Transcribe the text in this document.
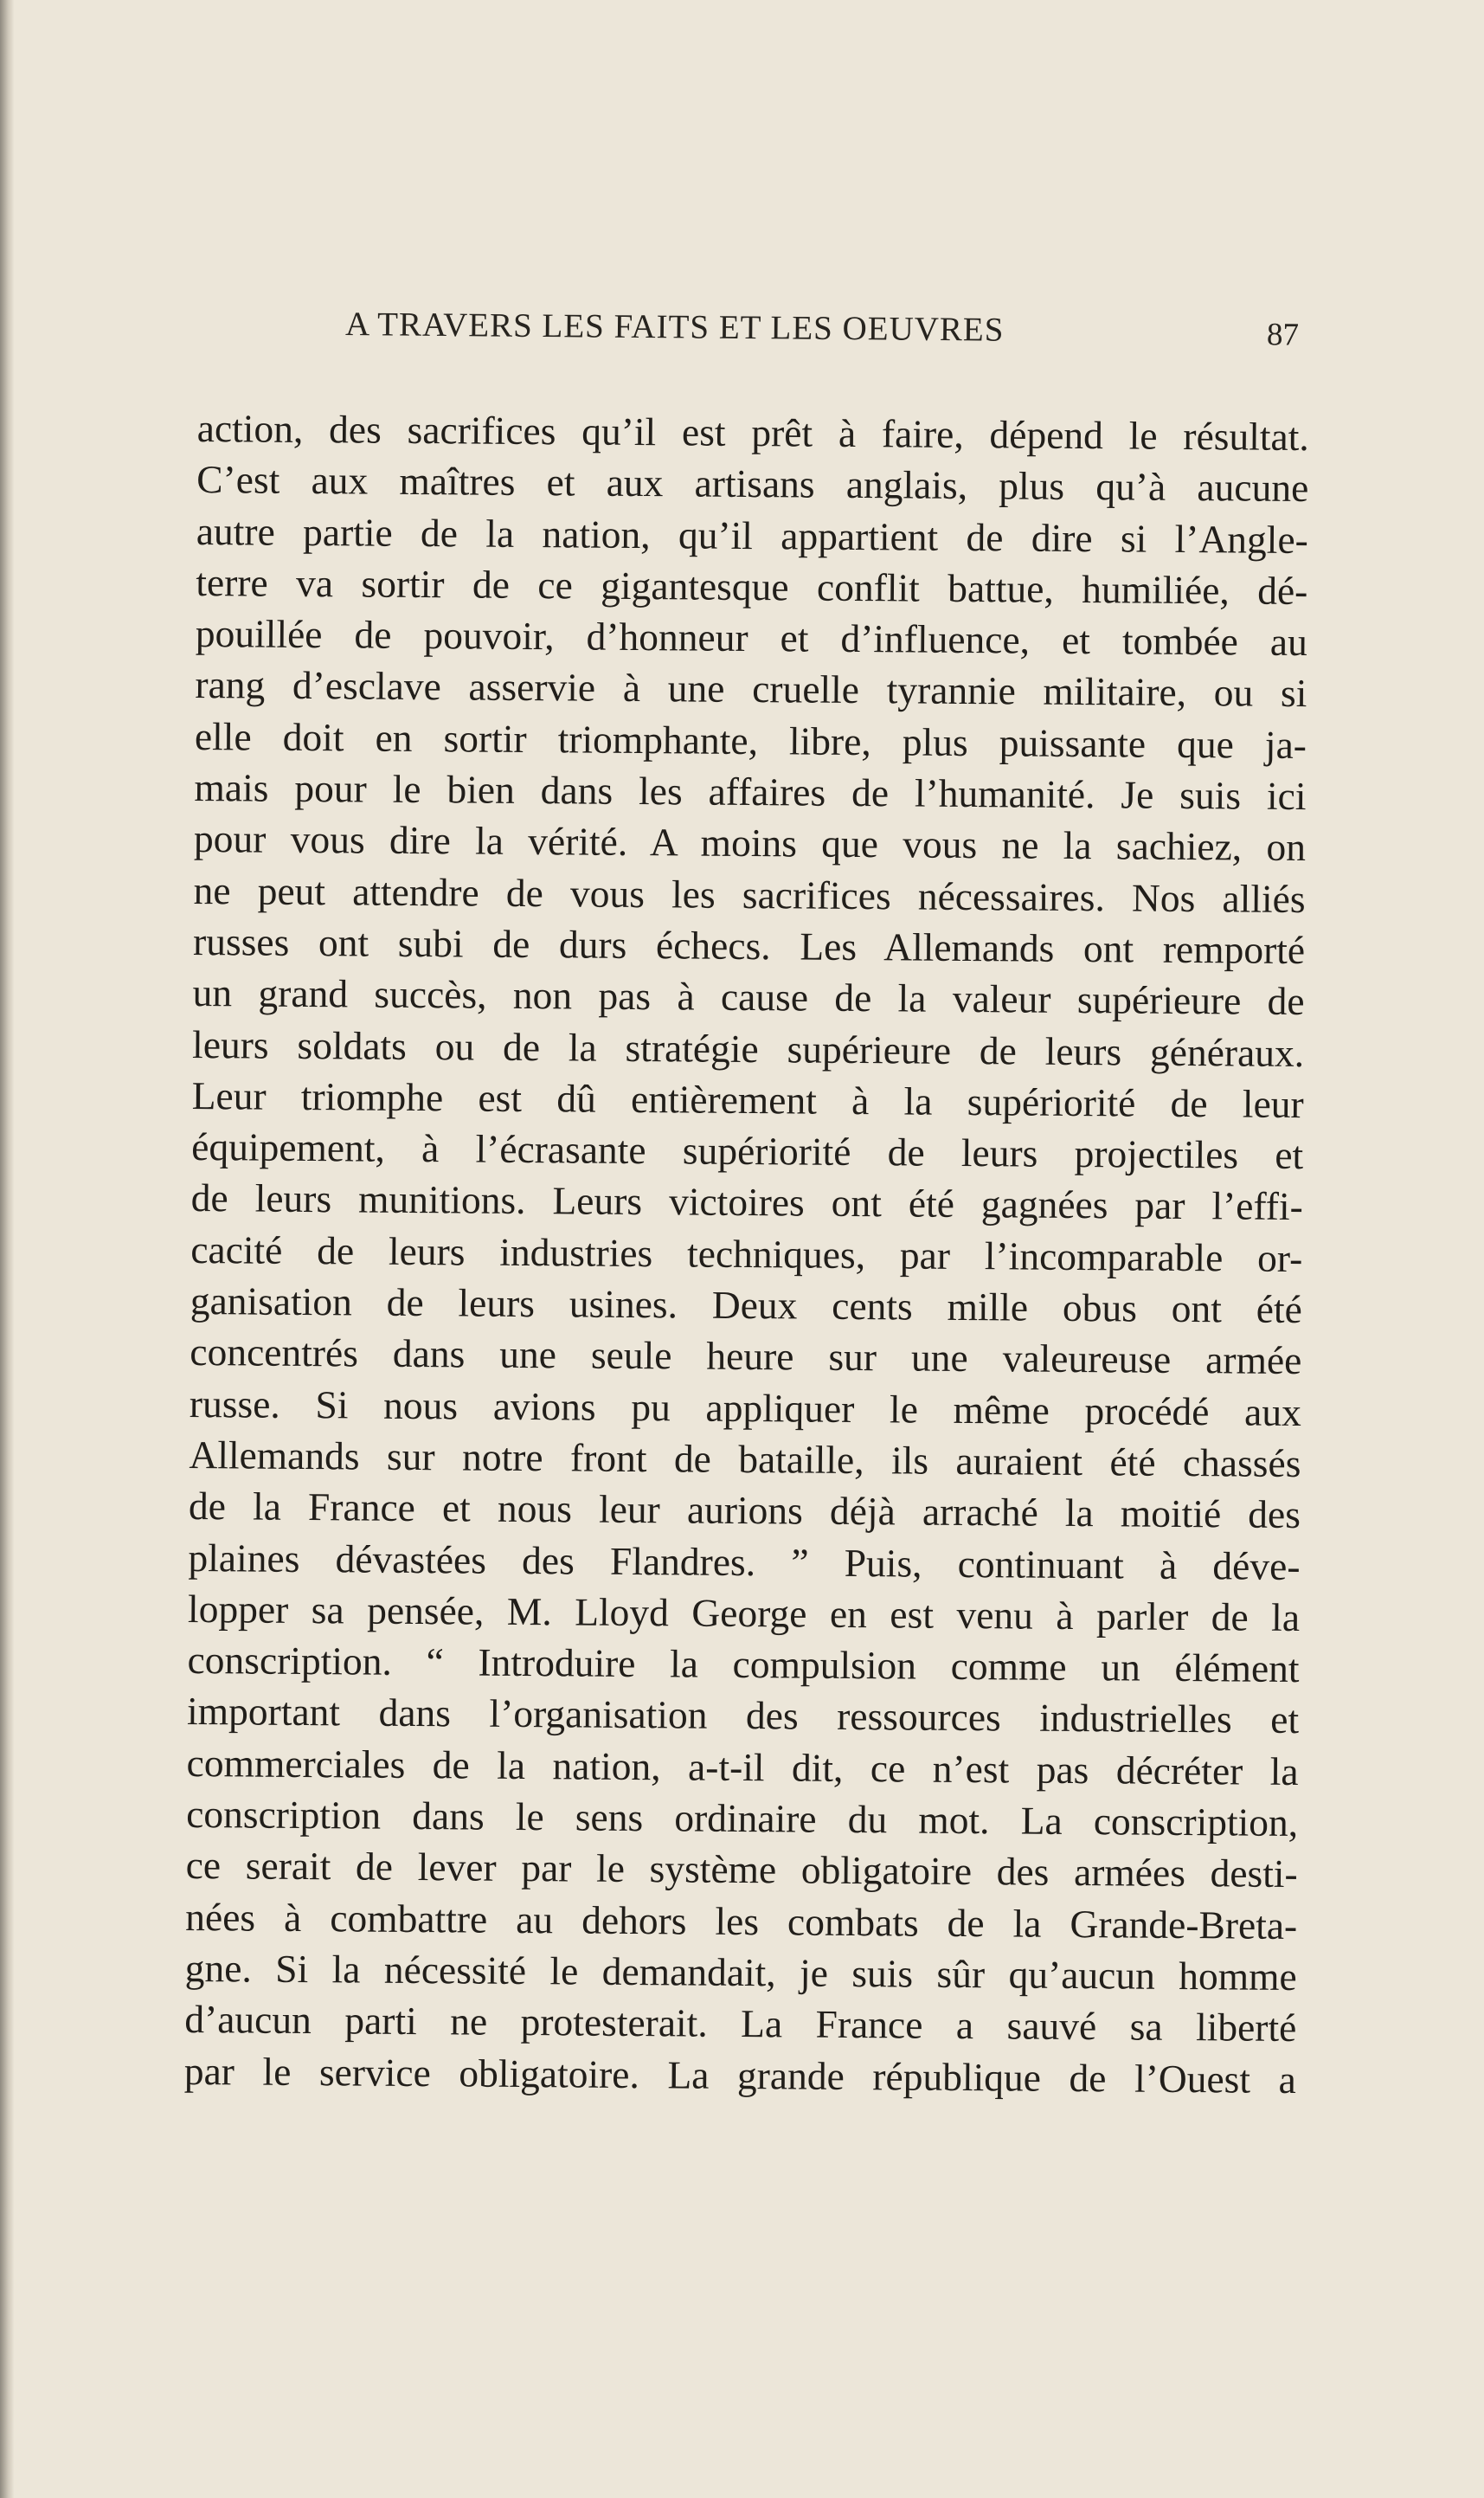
A TRAVERS LES FAITS ET LES OEUVRES	87
action, des sacrifices qu’il est prêt à faire, dépend le résultat.
C’est aux maîtres et aux artisans anglais, plus qu’à aucune
autre partie de la nation, qu’il appartient de dire si l’Angle-
terre va sortir de ce gigantesque conflit battue, humiliée, dé-
pouillée de pouvoir, d’honneur et d’influence, et tombée au
rang d’esclave asservie à une cruelle tyrannie militaire, ou si
elle doit en sortir triomphante, libre, plus puissante que ja-
mais pour le bien dans les affaires de l’humanité. Je suis ici
pour vous dire la vérité. A moins que vous ne la sachiez, on
ne peut attendre de vous les sacrifices nécessaires. Nos alliés
russes ont subi de durs échecs. Les Allemands ont remporté
un grand succès, non pas à cause de la valeur supérieure de
leurs soldats ou de la stratégie supérieure de leurs généraux.
Leur triomphe est dû entièrement à la supériorité de leur
équipement, à l’écrasante supériorité de leurs projectiles et
de leurs munitions. Leurs victoires ont été gagnées par l’effi-
cacité de leurs industries techniques, par l’incomparable or-
ganisation de leurs usines. Deux cents mille obus ont été
concentrés dans une seule heure sur une valeureuse armée
russe. Si nous avions pu appliquer le même procédé aux
Allemands sur notre front de bataille, ils auraient été chassés
de la France et nous leur aurions déjà arraché la moitié des
plaines dévastées des Flandres. ” Puis, continuant à déve-
lopper sa pensée, M. Lloyd George en est venu à parler de la
conscription. “ Introduire la compulsion comme un élément
important dans l’organisation des ressources industrielles et
commerciales de la nation, a-t-il dit, ce n’est pas décréter la
conscription dans le sens ordinaire du mot. La conscription,
ce serait de lever par le système obligatoire des armées desti-
nées à combattre au dehors les combats de la Grande-Breta-
gne. Si la nécessité le demandait, je suis sûr qu’aucun homme
d’aucun parti ne protesterait. La France a sauvé sa liberté
par le service obligatoire. La grande république de l’Ouest a
